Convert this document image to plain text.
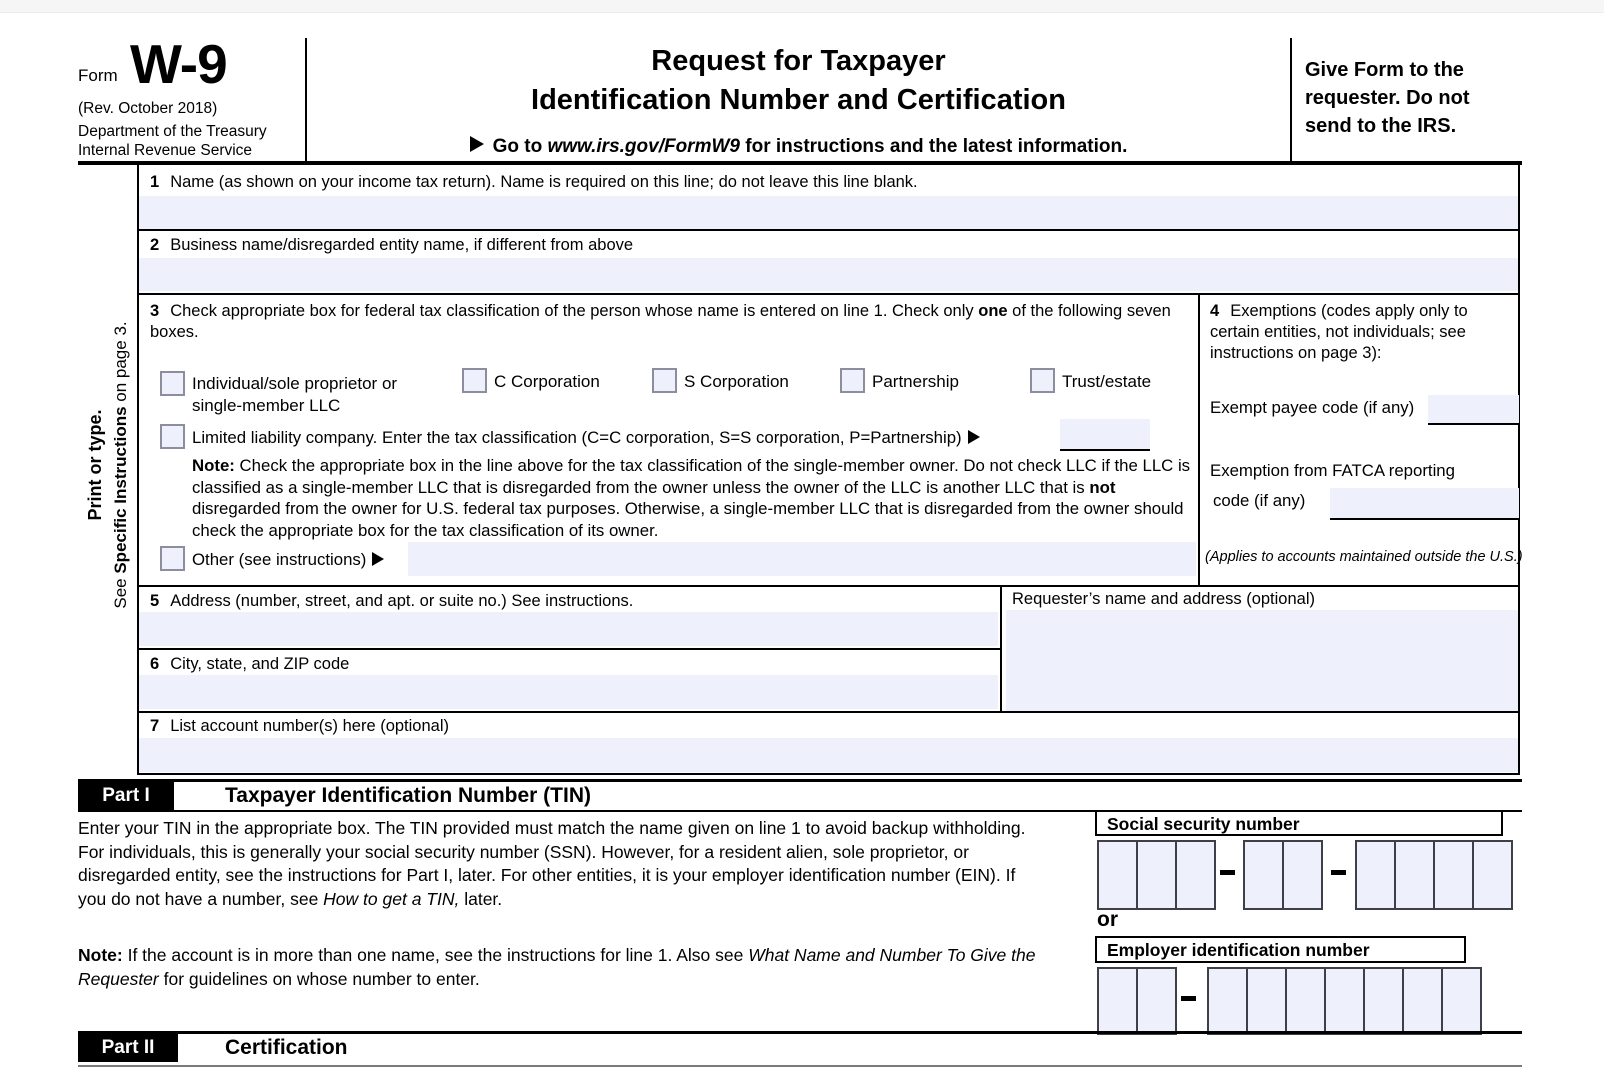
Form W-9
(Rev. October 2018)
Department of the Treasury
Internal Revenue Service
Request for Taxpayer
Identification Number and Certification
Go to www.irs.gov/FormW9 for instructions and the latest information.
Give Form to the requester. Do not send to the IRS.
Print or type.
See Specific Instructions on page 3.
1 Name (as shown on your income tax return). Name is required on this line; do not leave this line blank.
2 Business name/disregarded entity name, if different from above
3 Check appropriate box for federal tax classification of the person whose name is entered on line 1. Check only one of the following seven boxes.
Individual/sole proprietor or single-member LLC
C Corporation	S Corporation	Partnership	Trust/estate
Limited liability company. Enter the tax classification (C=C corporation, S=S corporation, P=Partnership)
Note: Check the appropriate box in the line above for the tax classification of the single-member owner. Do not check LLC if the LLC is classified as a single-member LLC that is disregarded from the owner unless the owner of the LLC is another LLC that is not disregarded from the owner for U.S. federal tax purposes. Otherwise, a single-member LLC that is disregarded from the owner should check the appropriate box for the tax classification of its owner.
Other (see instructions)
4 Exemptions (codes apply only to certain entities, not individuals; see instructions on page 3):
Exempt payee code (if any)
Exemption from FATCA reporting
code (if any)
(Applies to accounts maintained outside the U.S.)
5 Address (number, street, and apt. or suite no.) See instructions.	Requester’s name and address (optional)
6 City, state, and ZIP code
7 List account number(s) here (optional)
Part I	Taxpayer Identification Number (TIN)
Enter your TIN in the appropriate box. The TIN provided must match the name given on line 1 to avoid backup withholding. For individuals, this is generally your social security number (SSN). However, for a resident alien, sole proprietor, or disregarded entity, see the instructions for Part I, later. For other entities, it is your employer identification number (EIN). If you do not have a number, see How to get a TIN, later.
Note: If the account is in more than one name, see the instructions for line 1. Also see What Name and Number To Give the Requester for guidelines on whose number to enter.
Social security number
or
Employer identification number
Part II	Certification
